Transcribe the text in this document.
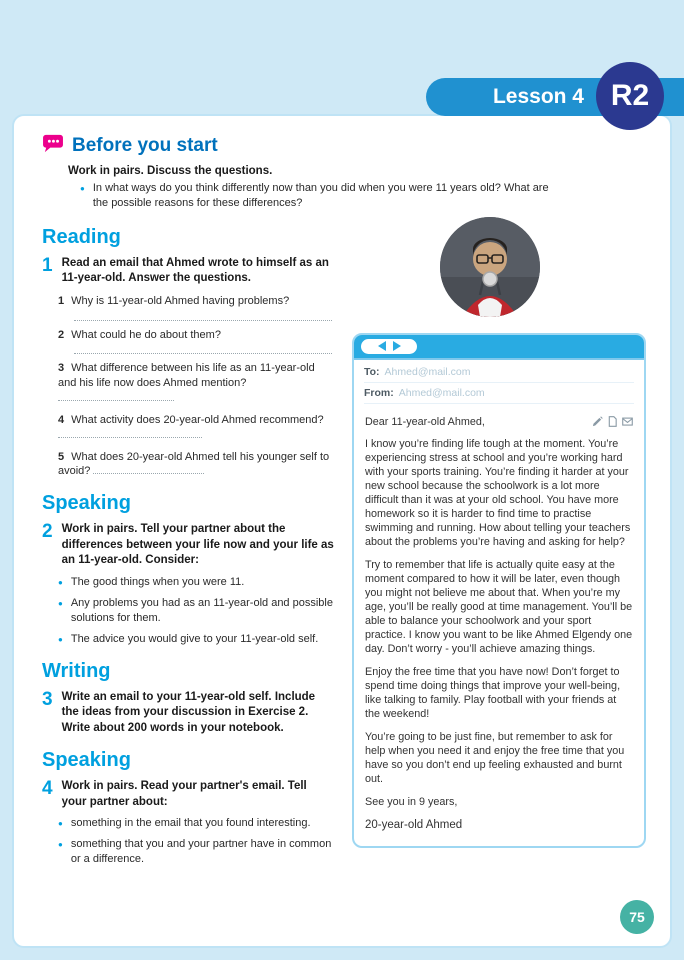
Lesson 4 R2
Before you start
Work in pairs. Discuss the questions.
● In what ways do you think differently now than you did when you were 11 years old? What are the possible reasons for these differences?
Reading
1 Read an email that Ahmed wrote to himself as an 11-year-old. Answer the questions.
1 Why is 11-year-old Ahmed having problems?
2 What could he do about them?
3 What difference between his life as an 11-year-old and his life now does Ahmed mention?
4 What activity does 20-year-old Ahmed recommend?
5 What does 20-year-old Ahmed tell his younger self to avoid?
Speaking
2 Work in pairs. Tell your partner about the differences between your life now and your life as an 11-year-old. Consider:
● The good things when you were 11.
● Any problems you had as an 11-year-old and possible solutions for them.
● The advice you would give to your 11-year-old self.
Writing
3 Write an email to your 11-year-old self. Include the ideas from your discussion in Exercise 2. Write about 200 words in your notebook.
Speaking
4 Work in pairs. Read your partner's email. Tell your partner about:
● something in the email that you found interesting.
● something that you and your partner have in common or a difference.
To: Ahmed@mail.com
From: Ahmed@mail.com
Dear 11-year-old Ahmed,

I know you’re finding life tough at the moment. You’re experiencing stress at school and you’re working hard with your sports training. You’re finding it harder at your new school because the schoolwork is a lot more difficult than it was at your old school. You have more homework so it is harder to find time to practise swimming and running. How about telling your teachers about the problems you’re having and asking for help?

Try to remember that life is actually quite easy at the moment compared to how it will be later, even though you might not believe me about that. When you’re my age, you’ll be really good at time management. You’ll be able to balance your schoolwork and your sport practice. I know you want to be like Ahmed Elgendy one day. Don’t worry - you’ll achieve amazing things.

Enjoy the free time that you have now! Don’t forget to spend time doing things that improve your well-being, like talking to family. Play football with your friends at the weekend!

You’re going to be just fine, but remember to ask for help when you need it and enjoy the free time that you have so you don’t end up feeling exhausted and burnt out.

See you in 9 years,

20-year-old Ahmed
75
